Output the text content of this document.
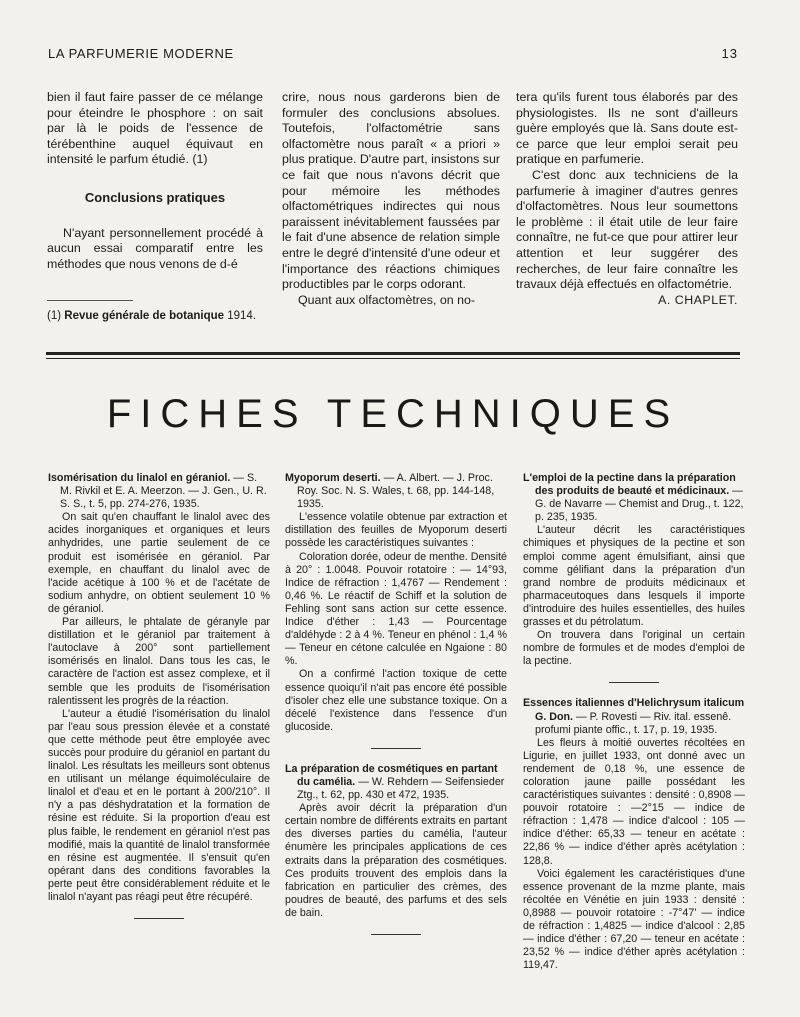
LA PARFUMERIE MODERNE	13

bien il faut faire passer de ce mélange pour éteindre le phosphore : on sait par là le poids de l'essence de térébenthine auquel équivaut en intensité le parfum étudié. (1)

Conclusions pratiques

N'ayant personnellement procédé à aucun essai comparatif entre les méthodes que nous venons de d-é

(1) Revue générale de botanique 1914.

crire, nous nous garderons bien de formuler des conclusions absolues. Toutefois, l'olfactométrie sans olfactomètre nous paraît « a priori » plus pratique. D'autre part, insistons sur ce fait que nous n'avons décrit que pour mémoire les méthodes olfactométriques indirectes qui nous paraissent inévitablement faussées par le fait d'une absence de relation simple entre le degré d'intensité d'une odeur et l'importance des réactions chimiques productibles par le corps odorant.

Quant aux olfactomètres, on no-

tera qu'ils furent tous élaborés par des physiologistes. Ils ne sont d'ailleurs guère employés que là. Sans doute est-ce parce que leur emploi serait peu pratique en parfumerie.

C'est donc aux techniciens de la parfumerie à imaginer d'autres genres d'olfactomètres. Nous leur soumettons le problème : il était utile de leur faire connaître, ne fut-ce que pour attirer leur attention et leur suggérer des recherches, de leur faire connaître les travaux déjà effectués en olfactométrie.

A. CHAPLET.

FICHES TECHNIQUES

Isomérisation du linalol en géraniol. — S. M. Rivkil et E. A. Meerzon. — J. Gen., U. R. S. S., t. 5, pp. 274-276, 1935.

On sait qu'en chauffant le linalol avec des acides inorganiques et organiques et leurs anhydrides, une partie seulement de ce produit est isomérisée en géraniol. Par exemple, en chauffant du linalol avec de l'acide acétique à 100 % et de l'acétate de sodium anhydre, on obtient seulement 10 % de géraniol.

Par ailleurs, le phtalate de géranyle par distillation et le géraniol par traitement à l'autoclave à 200° sont partiellement isomérisés en linalol. Dans tous les cas, le caractère de l'action est assez complexe, et il semble que les produits de l'isomérisation ralentissent les progrès de la réaction.

L'auteur a étudié l'isomérisation du linalol par l'eau sous pression élevée et a constaté que cette méthode peut être employée avec succès pour produire du géraniol en partant du linalol. Les résultats les meilleurs sont obtenus en utilisant un mélange équimoléculaire de linalol et d'eau et en le portant à 200/210°. Il n'y a pas déshydratation et la formation de résine est réduite. Si la proportion d'eau est plus faible, le rendement en géraniol n'est pas modifié, mais la quantité de linalol transformée en résine est augmentée. Il s'ensuit qu'en opérant dans des conditions favorables la perte peut être considérablement réduite et le linalol n'ayant pas réagi peut être récupéré.

Myoporum deserti. — A. Albert. — J. Proc. Roy. Soc. N. S. Wales, t. 68, pp. 144-148, 1935.

L'essence volatile obtenue par extraction et distillation des feuilles de Myoporum deserti possède les caractéristiques suivantes :

Coloration dorée, odeur de menthe. Densité à 20° : 1.0048. Pouvoir rotatoire : — 14°93, Indice de réfraction : 1,4767 — Rendement : 0,46 %. Le réactif de Schiff et la solution de Fehling sont sans action sur cette essence. Indice d'éther : 1,43 — Pourcentage d'aldéhyde : 2 à 4 %. Teneur en phénol : 1,4 % — Teneur en cétone calculée en Ngaione : 80 %.

On a confirmé l'action toxique de cette essence quoiqu'il n'ait pas encore été possible d'isoler chez elle une substance toxique. On a décelé l'existence dans l'essence d'un glucoside.

La préparation de cosmétiques en partant du camélia. — W. Rehdern — Seifensieder Ztg., t. 62, pp. 430 et 472, 1935.

Après avoir décrit la préparation d'un certain nombre de différents extraits en partant des diverses parties du camélia, l'auteur énumère les principales applications de ces extraits dans la préparation des cosmétiques. Ces produits trouvent des emplois dans la fabrication en particulier des crèmes, des poudres de beauté, des parfums et des sels de bain.

L'emploi de la pectine dans la préparation des produits de beauté et médicinaux. — G. de Navarre — Chemist and Drug., t. 122, p. 235, 1935.

L'auteur décrit les caractéristiques chimiques et physiques de la pectine et son emploi comme agent émulsifiant, ainsi que comme gélifiant dans la préparation d'un grand nombre de produits médicinaux et pharmaceutoques dans lesquels il importe d'introduire des huiles essentielles, des huiles grasses et du pétrolatum.

On trouvera dans l'original un certain nombre de formules et de modes d'emploi de la pectine.

Essences italiennes d'Helichrysum italicum G. Don. — P. Rovesti — Riv. ital. essenê. profumi piante offic., t. 17, p. 19, 1935.

Les fleurs à moitié ouvertes récoltées en Ligurie, en juillet 1933, ont donné avec un rendement de 0,18 %, une essence de coloration jaune paille possédant les caractéristiques suivantes : densité : 0,8908 — pouvoir rotatoire : —2°15 — indice de réfraction : 1,478 — indice d'alcool : 105 — indice d'éther: 65,33 — teneur en acétate : 22,86 % — indice d'éther après acétylation : 128,8.

Voici également les caractéristiques d'une essence provenant de la mzme plante, mais récoltée en Vénétie en juin 1933 : densité : 0,8988 — pouvoir rotatoire : -7°47' — indice de réfraction : 1,4825 — indice d'alcool : 2,85 — indice d'éther : 67,20 — teneur en acétate : 23,52 % — indice d'éther après acétylation : 119,47.
